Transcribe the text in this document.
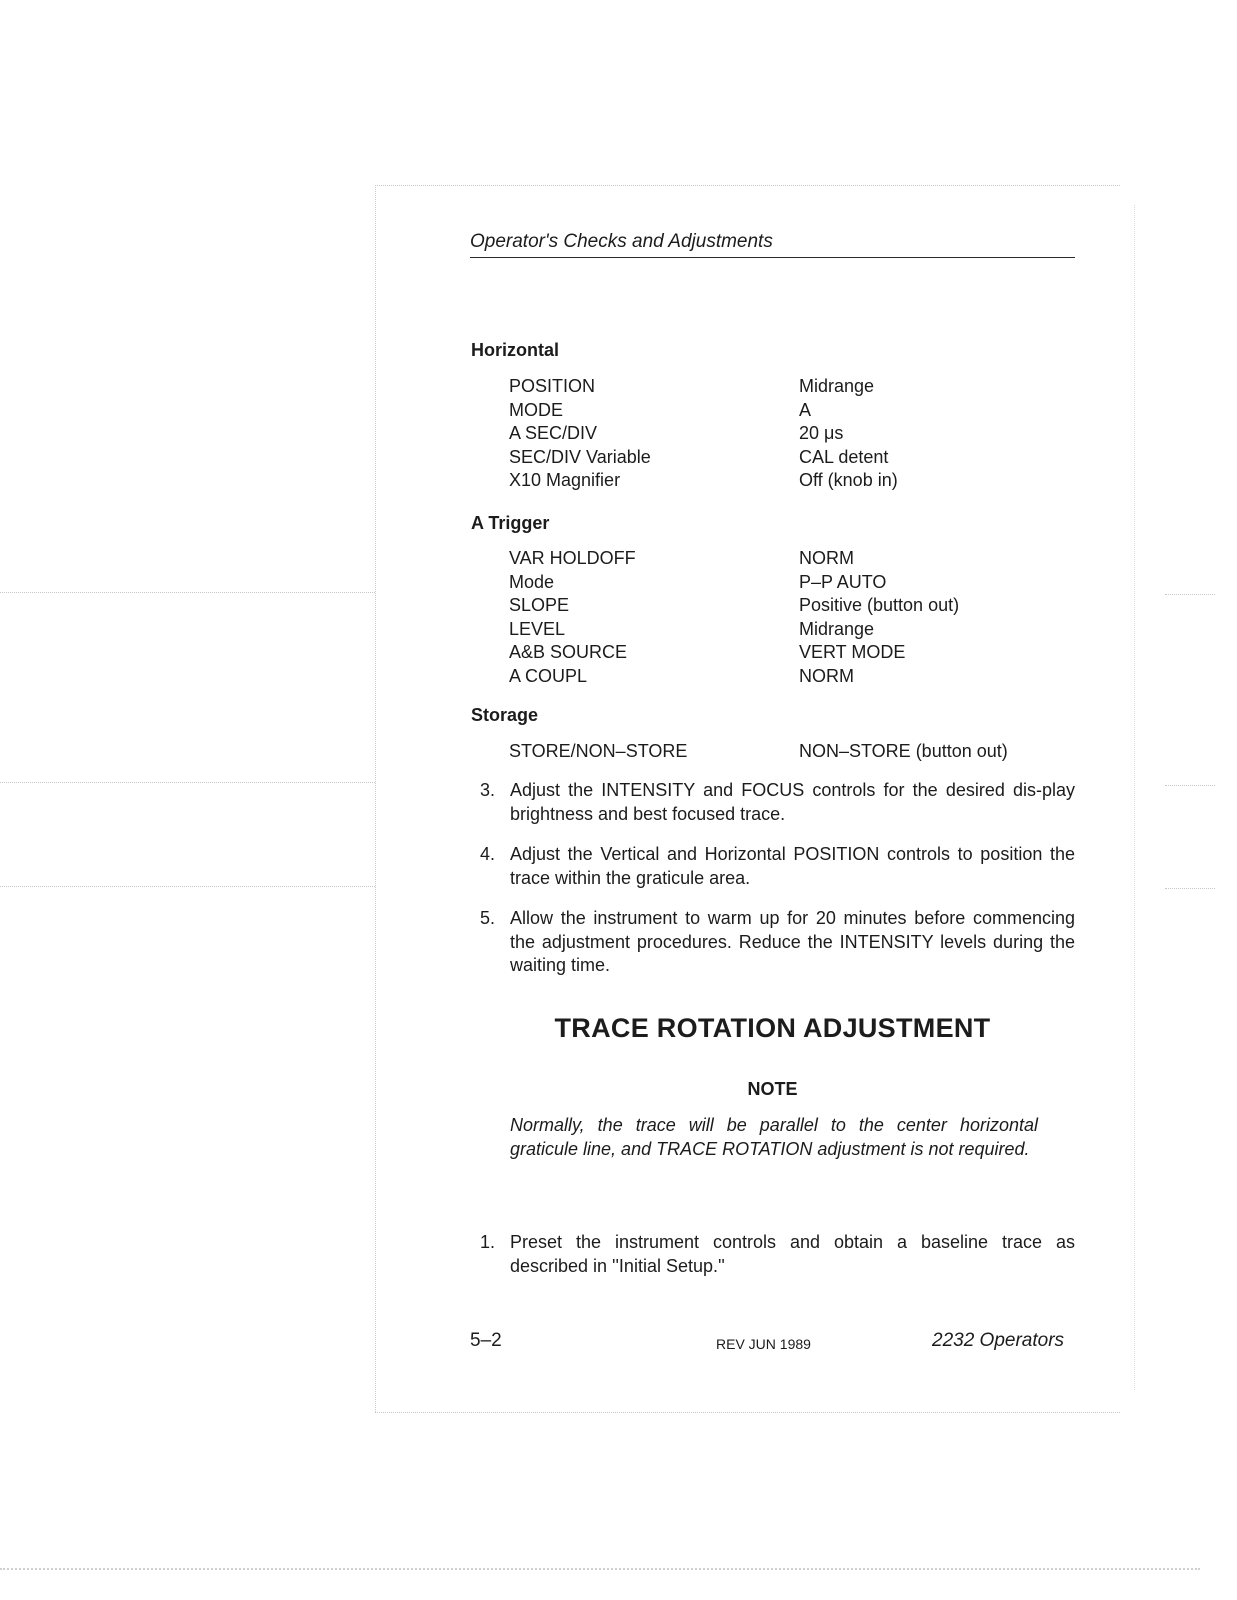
Operator's Checks and Adjustments
Horizontal
POSITION	Midrange
MODE	A
A SEC/DIV	20 μs
SEC/DIV Variable	CAL detent
X10 Magnifier	Off (knob in)
A Trigger
VAR HOLDOFF	NORM
Mode	P–P AUTO
SLOPE	Positive (button out)
LEVEL	Midrange
A&B SOURCE	VERT MODE
A COUPL	NORM
Storage
STORE/NON–STORE	NON–STORE (button out)
3. Adjust the INTENSITY and FOCUS controls for the desired dis-play brightness and best focused trace.
4. Adjust the Vertical and Horizontal POSITION controls to position the trace within the graticule area.
5. Allow the instrument to warm up for 20 minutes before commencing the adjustment procedures. Reduce the INTENSITY levels during the waiting time.
TRACE ROTATION ADJUSTMENT
NOTE
Normally, the trace will be parallel to the center horizontal graticule line, and TRACE ROTATION adjustment is not required.
1. Preset the instrument controls and obtain a baseline trace as described in ''Initial Setup.''
5–2	REV JUN 1989	2232 Operators
